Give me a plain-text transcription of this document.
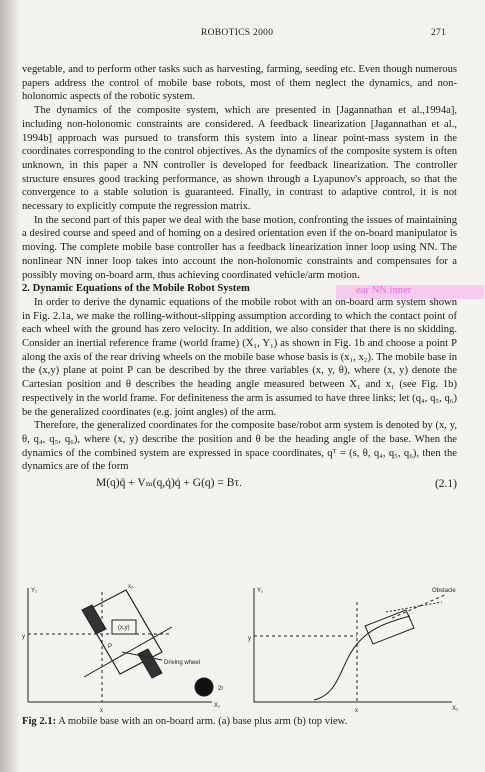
ROBOTICS 2000	271

vegetable, and to perform other tasks such as harvesting, farming, seeding etc. Even though numerous papers address the control of mobile base robots, most of them neglect the dynamics, and non-holonomic aspects of the robotic system.

The dynamics of the composite system, which are presented in [Jagannathan et al.,1994a], including non-holonomic constraints are considered. A feedback linearization [Jagannathan et al., 1994b] approach was pursued to transform this system into a linear point-mass system in the coordinates corresponding to the control objectives. As the dynamics of the composite system is often unknown, in this paper a NN controller is developed for feedback linearization. The controller structure ensures good tracking performance, as shown through a Lyapunov's approach, so that the convergence to a stable solution is guaranteed. Finally, in contrast to adaptive control, it is not necessary to explicitly compute the regression matrix.

In the second part of this paper we deal with the base motion, confronting the issues of maintaining a desired course and speed and of homing on a desired orientation even if the on-board manipulator is moving. The complete mobile base controller has a feedback linearization inner loop using NN. The nonlinear NN inner loop takes into account the non-holonomic constraints and compensates for a possibly moving on-board arm, thus achieving coordinated vehicle/arm motion.

2. Dynamic Equations of the Mobile Robot System

In order to derive the dynamic equations of the mobile robot with an on-board arm system shown in Fig. 2.1a, we make the rolling-without-slipping assumption according to which the contact point of each wheel with the ground has zero velocity. In addition, we also consider that there is no skidding. Consider an inertial reference frame (world frame) (X₁, Y₁) as shown in Fig. 1b and choose a point P along the axis of the rear driving wheels on the mobile base whose basis is (x₁, x₂). The mobile base in the (x,y) plane at point P can be described by the three variables (x, y, θ), where (x, y) denote the Cartesian position and θ describes the heading angle measured between X₁ and x₁ (see Fig. 1b) respectively in the world frame. For definiteness the arm is assumed to have three links; let (q₄, q₅, q₆) be the generalized coordinates (e.g. joint angles) of the arm.

Therefore, the generalized coordinates for the composite base/robot arm system is denoted by (x, y, θ, q₄, q₅, q₆), where (x, y) describe the position and θ be the heading angle of the base. When the dynamics of the combined system are expressed in space coordinates, qᵀ = (s, θ, q₄, q₅, q₆), then the dynamics are of the form

M(q)q̈ + Vₘ(q,q̇)q̇ + G(q) = Bτ.	(2.1)
ear NN inner
Y₁
X₁
Driving wheel
2r
x₂
y
x
P
(x,y)
Y₁
X₁
Obstacle
y
x
Fig 2.1: A mobile base with an on-board arm. (a) base plus arm (b) top view.
